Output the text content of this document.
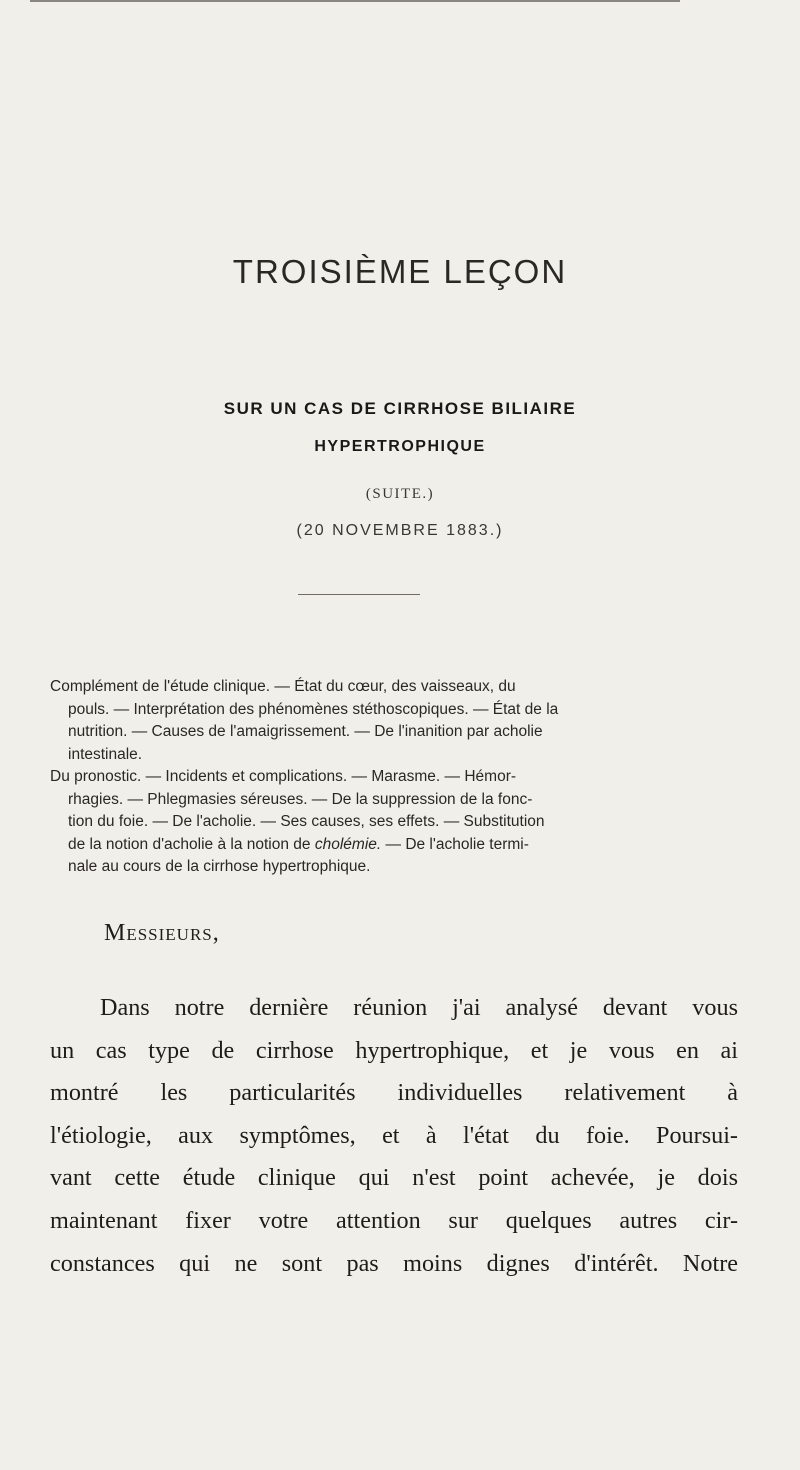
TROISIÈME LEÇON
SUR UN CAS DE CIRRHOSE BILIAIRE
HYPERTROPHIQUE
(SUITE.)
(20 NOVEMBRE 1883.)

Complément de l'étude clinique. — État du cœur, des vaisseaux, du
pouls. — Interprétation des phénomènes stéthoscopiques. — État de la
nutrition. — Causes de l'amaigrissement. — De l'inanition par acholie
intestinale.

Du pronostic. — Incidents et complications. — Marasme. — Hémor-
rhagies. — Phlegmasies séreuses. — De la suppression de la fonc-
tion du foie. — De l'acholie. — Ses causes, ses effets. — Substitution
de la notion d'acholie à la notion de cholémie. — De l'acholie termi-
nale au cours de la cirrhose hypertrophique.

Messieurs,
Dans notre dernière réunion j'ai analysé devant vous
un cas type de cirrhose hypertrophique, et je vous en ai
montré les particularités individuelles relativement à
l'étiologie, aux symptômes, et à l'état du foie. Poursui-
vant cette étude clinique qui n'est point achevée, je dois
maintenant fixer votre attention sur quelques autres cir-
constances qui ne sont pas moins dignes d'intérêt. Notre
